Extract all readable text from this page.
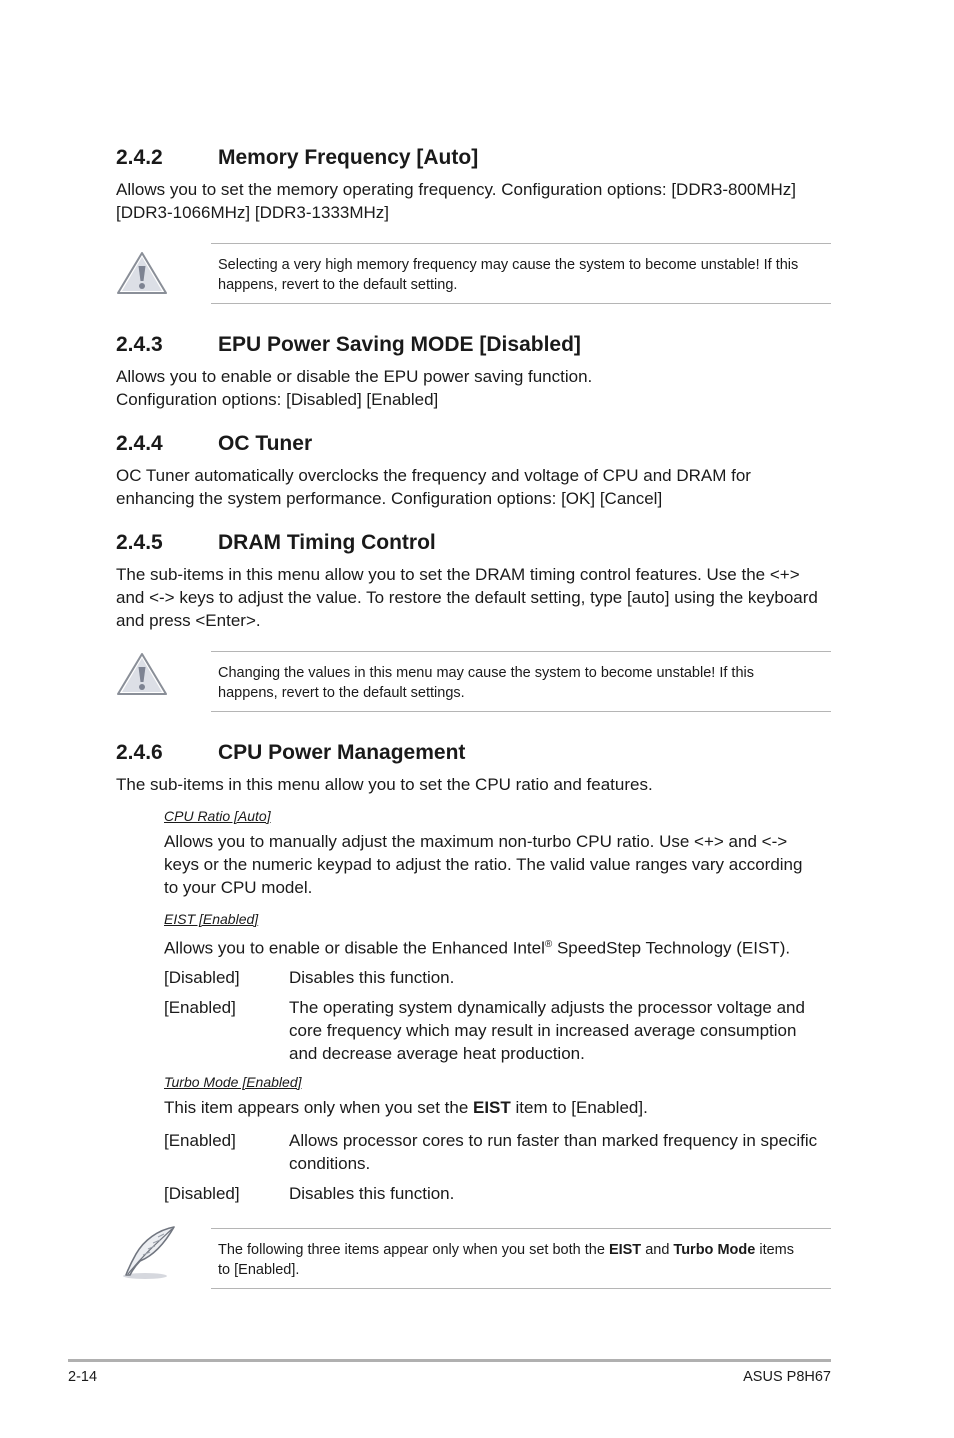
2.4.2	Memory Frequency [Auto]
Allows you to set the memory operating frequency. Configuration options: [DDR3-800MHz]
[DDR3-1066MHz] [DDR3-1333MHz]
Selecting a very high memory frequency may cause the system to become unstable! If this
happens, revert to the default setting.
2.4.3	EPU Power Saving MODE [Disabled]
Allows you to enable or disable the EPU power saving function.
Configuration options: [Disabled] [Enabled]
2.4.4	OC Tuner
OC Tuner automatically overclocks the frequency and voltage of CPU and DRAM for
enhancing the system performance. Configuration options: [OK] [Cancel]
2.4.5	DRAM Timing Control
The sub-items in this menu allow you to set the DRAM timing control features. Use the <+>
and <-> keys to adjust the value. To restore the default setting, type [auto] using the keyboard
and press <Enter>.
Changing the values in this menu may cause the system to become unstable! If this
happens, revert to the default settings.
2.4.6	CPU Power Management
The sub-items in this menu allow you to set the CPU ratio and features.
CPU Ratio [Auto]
Allows you to manually adjust the maximum non-turbo CPU ratio. Use <+> and <->
keys or the numeric keypad to adjust the ratio. The valid value ranges vary according
to your CPU model.
EIST [Enabled]
Allows you to enable or disable the Enhanced Intel® SpeedStep Technology (EIST).
[Disabled]	Disables this function.
[Enabled]	The operating system dynamically adjusts the processor voltage and
core frequency which may result in increased average consumption
and decrease average heat production.
Turbo Mode [Enabled]
This item appears only when you set the EIST item to [Enabled].
[Enabled]	Allows processor cores to run faster than marked frequency in specific
conditions.
[Disabled]	Disables this function.
The following three items appear only when you set both the EIST and Turbo Mode items
to [Enabled].
2-14	ASUS P8H67
